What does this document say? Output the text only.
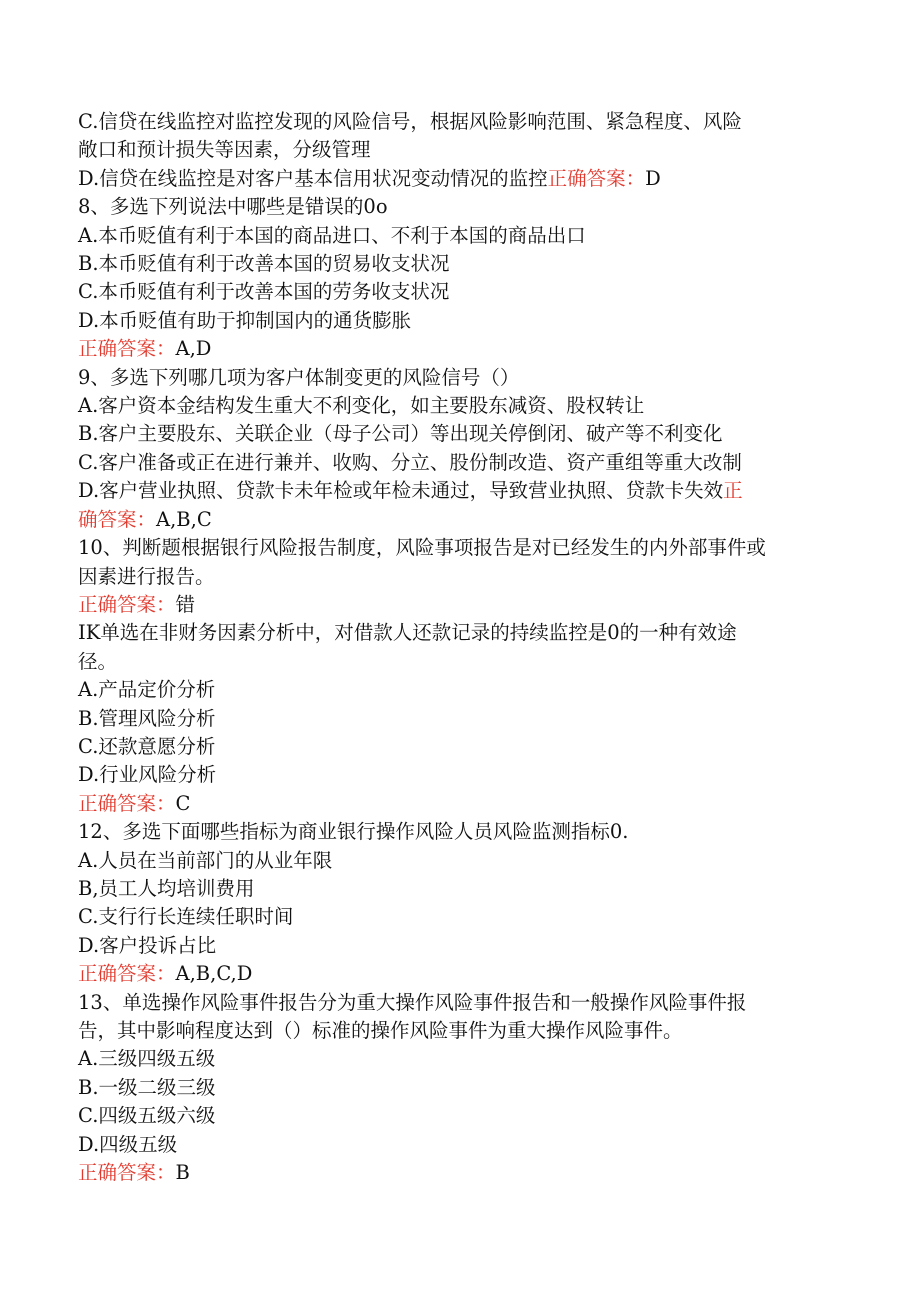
C.信贷在线监控对监控发现的风险信号，根据风险影响范围、紧急程度、风险
敞口和预计损失等因素，分级管理
D.信贷在线监控是对客户基本信用状况变动情况的监控正确答案：D
8、多选下列说法中哪些是错误的0o
A.本币贬值有利于本国的商品进口、不利于本国的商品出口
B.本币贬值有利于改善本国的贸易收支状况
C.本币贬值有利于改善本国的劳务收支状况
D.本币贬值有助于抑制国内的通货膨胀
正确答案：A,D
9、多选下列哪几项为客户体制变更的风险信号（）
A.客户资本金结构发生重大不利变化，如主要股东减资、股权转让
B.客户主要股东、关联企业（母子公司）等出现关停倒闭、破产等不利变化
C.客户准备或正在进行兼并、收购、分立、股份制改造、资产重组等重大改制
D.客户营业执照、贷款卡未年检或年检未通过，导致营业执照、贷款卡失效正
确答案：A,B,C
10、判断题根据银行风险报告制度，风险事项报告是对已经发生的内外部事件或
因素进行报告。
正确答案：错
IK单选在非财务因素分析中，对借款人还款记录的持续监控是0的一种有效途
径。
A.产品定价分析
B.管理风险分析
C.还款意愿分析
D.行业风险分析
正确答案：C
12、多选下面哪些指标为商业银行操作风险人员风险监测指标0.
A.人员在当前部门的从业年限
B,员工人均培训费用
C.支行行长连续任职时间
D.客户投诉占比
正确答案：A,B,C,D
13、单选操作风险事件报告分为重大操作风险事件报告和一般操作风险事件报
告，其中影响程度达到（）标准的操作风险事件为重大操作风险事件。
A.三级四级五级
B.一级二级三级
C.四级五级六级
D.四级五级
正确答案：B
